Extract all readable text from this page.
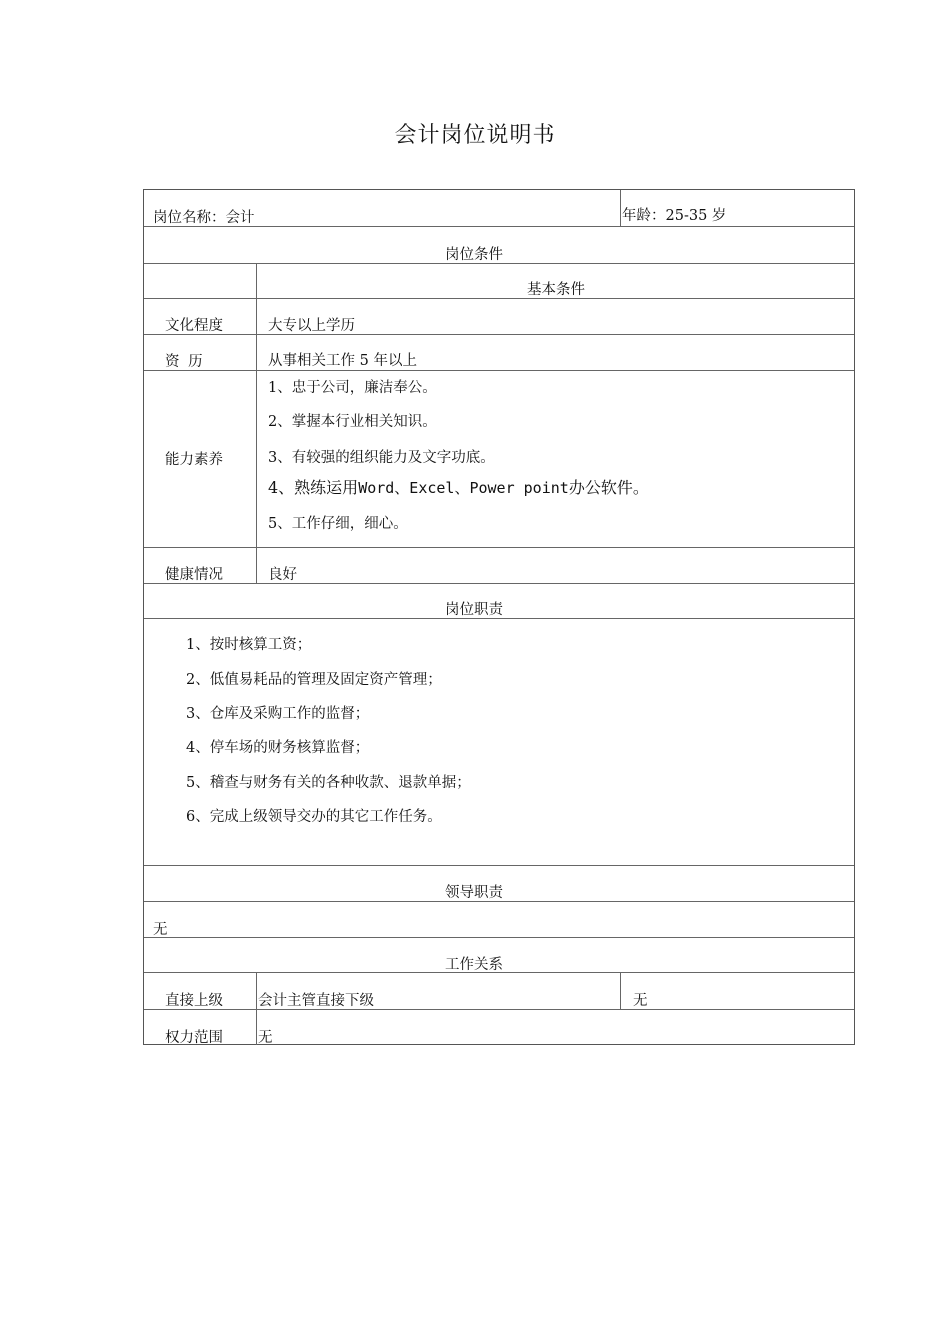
会计岗位说明书
岗位名称：会计	年龄：25-35 岁
岗位条件
基本条件
文化程度	大专以上学历
资 历	从事相关工作 5 年以上
能力素养
1、忠于公司，廉洁奉公。
2、掌握本行业相关知识。
3、有较强的组织能力及文字功底。
4、熟练运用Word、Excel、Power point办公软件。
5、工作仔细，细心。
健康情况	良好
岗位职责
1、按时核算工资；
2、低值易耗品的管理及固定资产管理；
3、仓库及采购工作的监督；
4、停车场的财务核算监督；
5、稽查与财务有关的各种收款、退款单据；
6、完成上级领导交办的其它工作任务。
领导职责
无
工作关系
直接上级 会计主管直接下级	无
权力范围 无
